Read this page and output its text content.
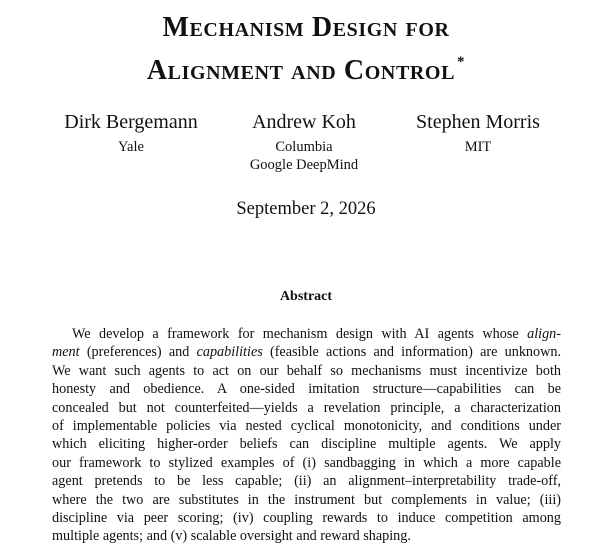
Mechanism Design for
Alignment and Control *
Dirk Bergemann
Yale
Andrew Koh
Columbia
Google DeepMind
Stephen Morris
MIT
September 2, 2026
Abstract
We develop a framework for mechanism design with AI agents whose align-
ment (preferences) and capabilities (feasible actions and information) are unknown.
We want such agents to act on our behalf so mechanisms must incentivize both
honesty and obedience. A one-sided imitation structure—capabilities can be
concealed but not counterfeited—yields a revelation principle, a characterization
of implementable policies via nested cyclical monotonicity, and conditions under
which eliciting higher-order beliefs can discipline multiple agents. We apply
our framework to stylized examples of (i) sandbagging in which a more capable
agent pretends to be less capable; (ii) an alignment–interpretability trade-off,
where the two are substitutes in the instrument but complements in value; (iii)
discipline via peer scoring; (iv) coupling rewards to induce competition among
multiple agents; and (v) scalable oversight and reward shaping.
